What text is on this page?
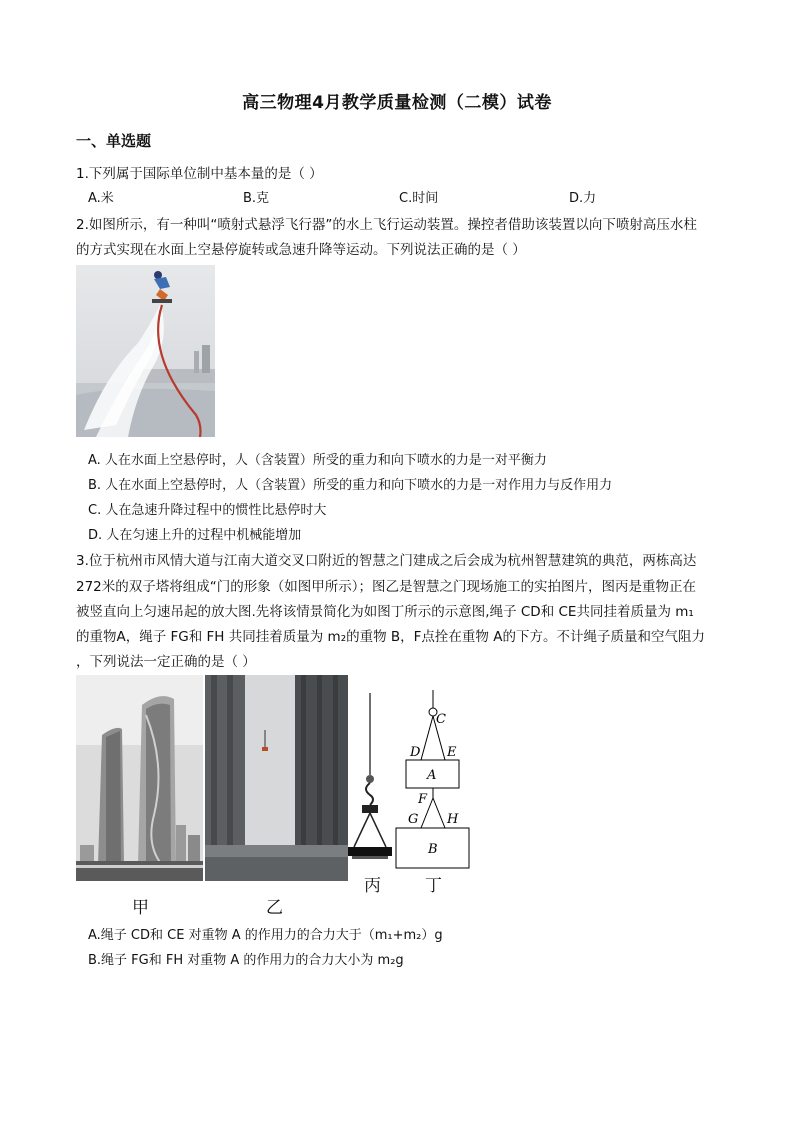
高三物理4月教学质量检测（二模）试卷
一、单选题
1.下列属于国际单位制中基本量的是（ ）
A.米	B.克	C.时间	D.力
2.如图所示，有一种叫“喷射式悬浮飞行器”的水上飞行运动装置。操控者借助该装置以向下喷射高压水柱
的方式实现在水面上空悬停旋转或急速升降等运动。下列说法正确的是（ ）
A. 人在水面上空悬停时，人（含装置）所受的重力和向下喷水的力是一对平衡力
B. 人在水面上空悬停时，人（含装置）所受的重力和向下喷水的力是一对作用力与反作用力
C. 人在急速升降过程中的惯性比悬停时大
D. 人在匀速上升的过程中机械能增加
3.位于杭州市风情大道与江南大道交叉口附近的智慧之门建成之后会成为杭州智慧建筑的典范，两栋高达
272米的双子塔将组成“门的形象（如图甲所示）；图乙是智慧之门现场施工的实拍图片，图丙是重物正在
被竖直向上匀速吊起的放大图.先将该情景简化为如图丁所示的示意图,绳子 CD和 CE共同挂着质量为 m₁
的重物A，绳子 FG和 FH 共同挂着质量为 m₂的重物 B，F点拴在重物 A的下方。不计绳子质量和空气阻力
，下列说法一定正确的是（ ）
C
D E
A
F
G H
B
甲	乙
丙	丁
A.绳子 CD和 CE 对重物 A 的作用力的合力大于（m₁+m₂）g
B.绳子 FG和 FH 对重物 A 的作用力的合力大小为 m₂g
